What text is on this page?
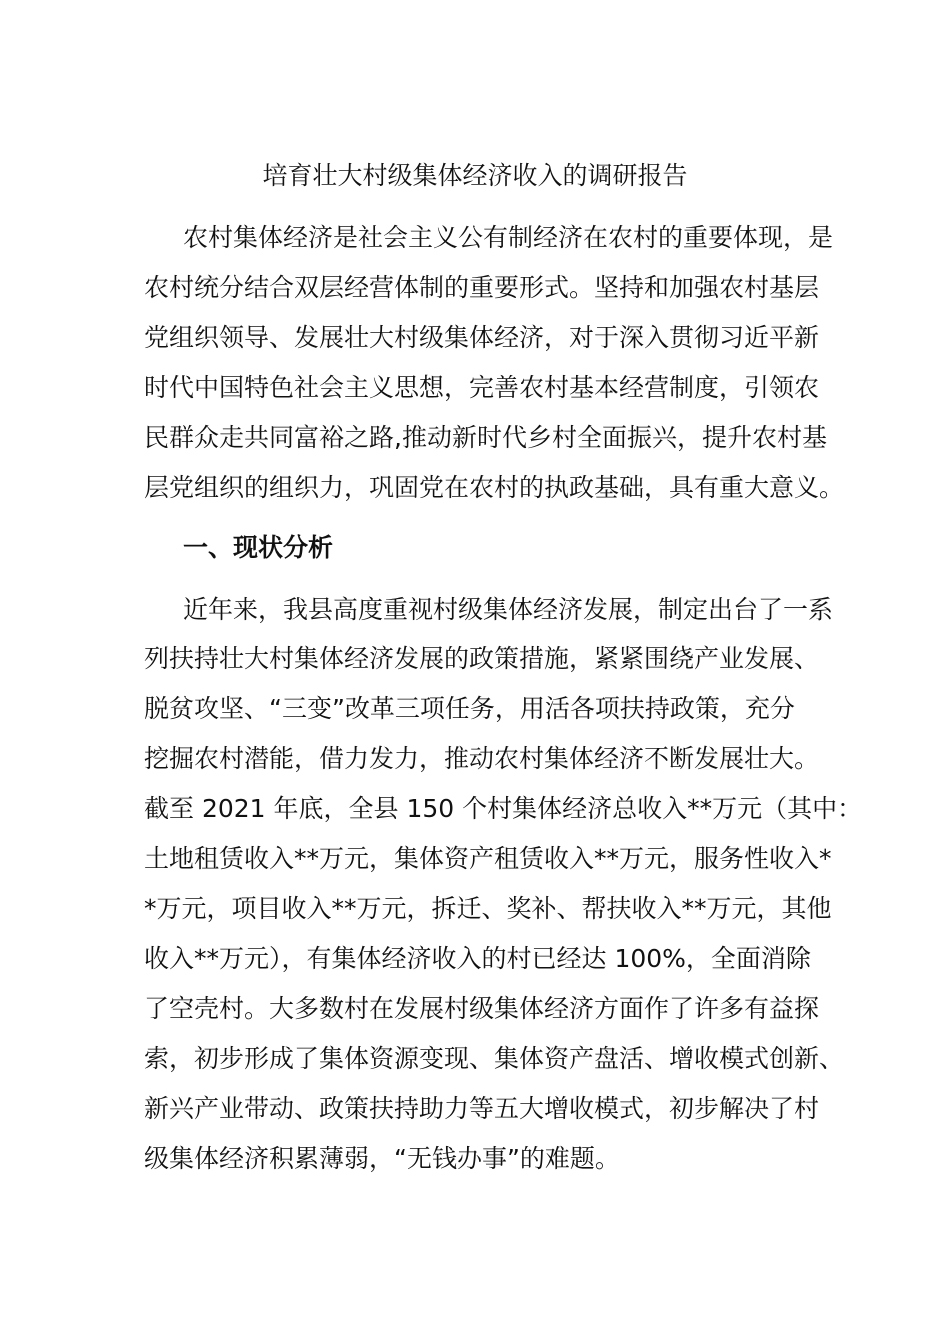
培育壮大村级集体经济收入的调研报告
农村集体经济是社会主义公有制经济在农村的重要体现，是
农村统分结合双层经营体制的重要形式。坚持和加强农村基层
党组织领导、发展壮大村级集体经济，对于深入贯彻习近平新
时代中国特色社会主义思想，完善农村基本经营制度，引领农
民群众走共同富裕之路,推动新时代乡村全面振兴，提升农村基
层党组织的组织力，巩固党在农村的执政基础，具有重大意义。
一、现状分析
近年来，我县高度重视村级集体经济发展，制定出台了一系
列扶持壮大村集体经济发展的政策措施，紧紧围绕产业发展、
脱贫攻坚、“三变”改革三项任务，用活各项扶持政策，充分
挖掘农村潜能，借力发力，推动农村集体经济不断发展壮大。
截至 2021 年底，全县 150 个村集体经济总收入**万元（其中：
土地租赁收入**万元，集体资产租赁收入**万元，服务性收入*
*万元，项目收入**万元，拆迁、奖补、帮扶收入**万元，其他
收入**万元），有集体经济收入的村已经达 100%，全面消除
了空壳村。大多数村在发展村级集体经济方面作了许多有益探
索，初步形成了集体资源变现、集体资产盘活、增收模式创新、
新兴产业带动、政策扶持助力等五大增收模式，初步解决了村
级集体经济积累薄弱，“无钱办事”的难题。
